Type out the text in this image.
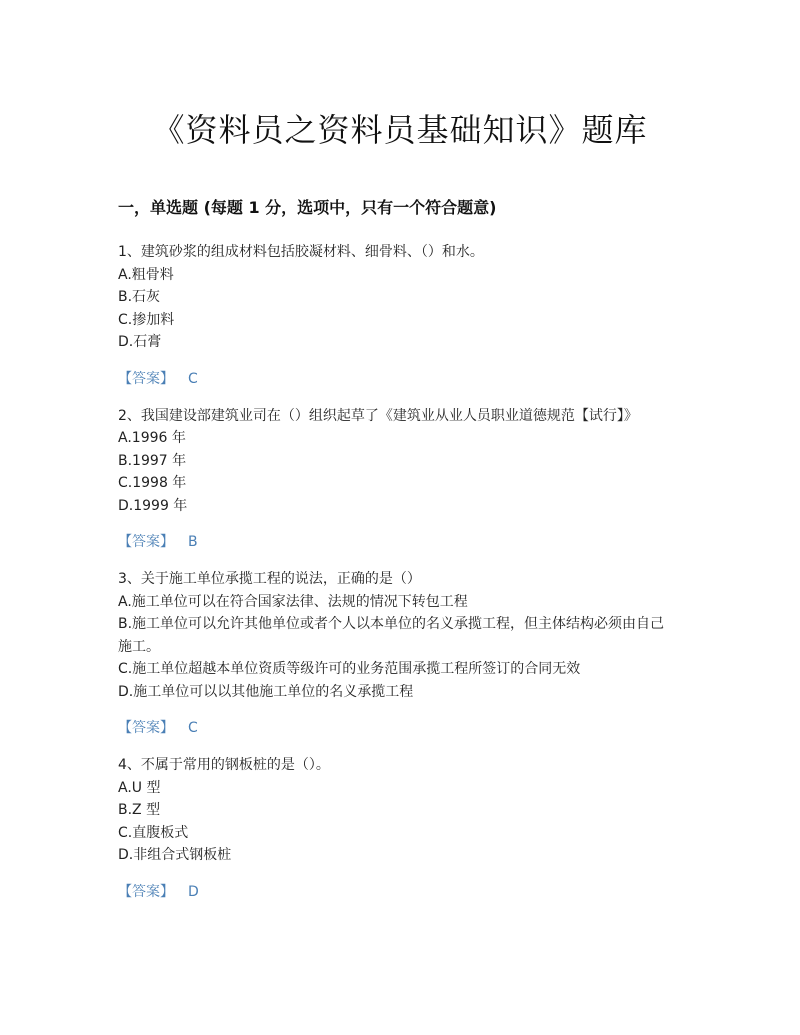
《资料员之资料员基础知识》题库
一，单选题 (每题 1 分，选项中，只有一个符合题意)
1、建筑砂浆的组成材料包括胶凝材料、细骨料、（）和水。
A.粗骨料
B.石灰
C.掺加料
D.石膏
【答案】 C
2、我国建设部建筑业司在（）组织起草了《建筑业从业人员职业道德规范【试行】》
A.1996 年
B.1997 年
C.1998 年
D.1999 年
【答案】 B
3、关于施工单位承揽工程的说法，正确的是（）
A.施工单位可以在符合国家法律、法规的情况下转包工程
B.施工单位可以允许其他单位或者个人以本单位的名义承揽工程，但主体结构必须由自己
施工。
C.施工单位超越本单位资质等级许可的业务范围承揽工程所签订的合同无效
D.施工单位可以以其他施工单位的名义承揽工程
【答案】 C
4、不属于常用的钢板桩的是（）。
A.U 型
B.Z 型
C.直腹板式
D.非组合式钢板桩
【答案】 D
